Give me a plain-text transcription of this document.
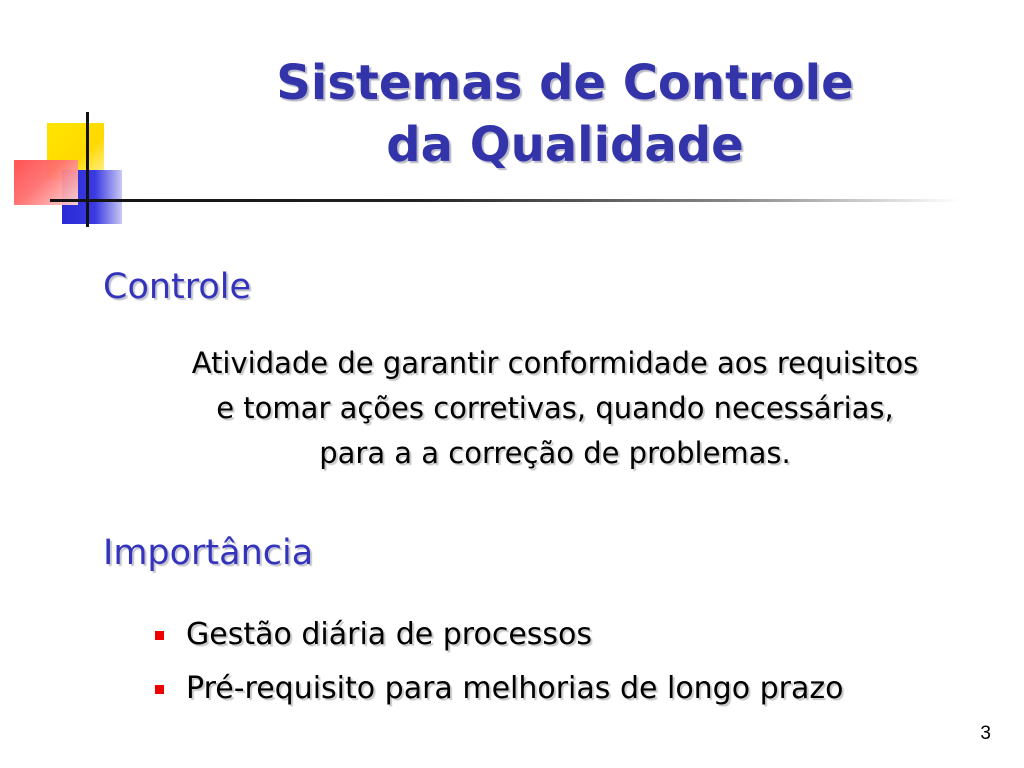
Sistemas de Controle
da Qualidade
Controle
Atividade de garantir conformidade aos requisitos
e tomar ações corretivas, quando necessárias,
para a a correção de problemas.
Importância
Gestão diária de processos
Pré-requisito para melhorias de longo prazo
3
